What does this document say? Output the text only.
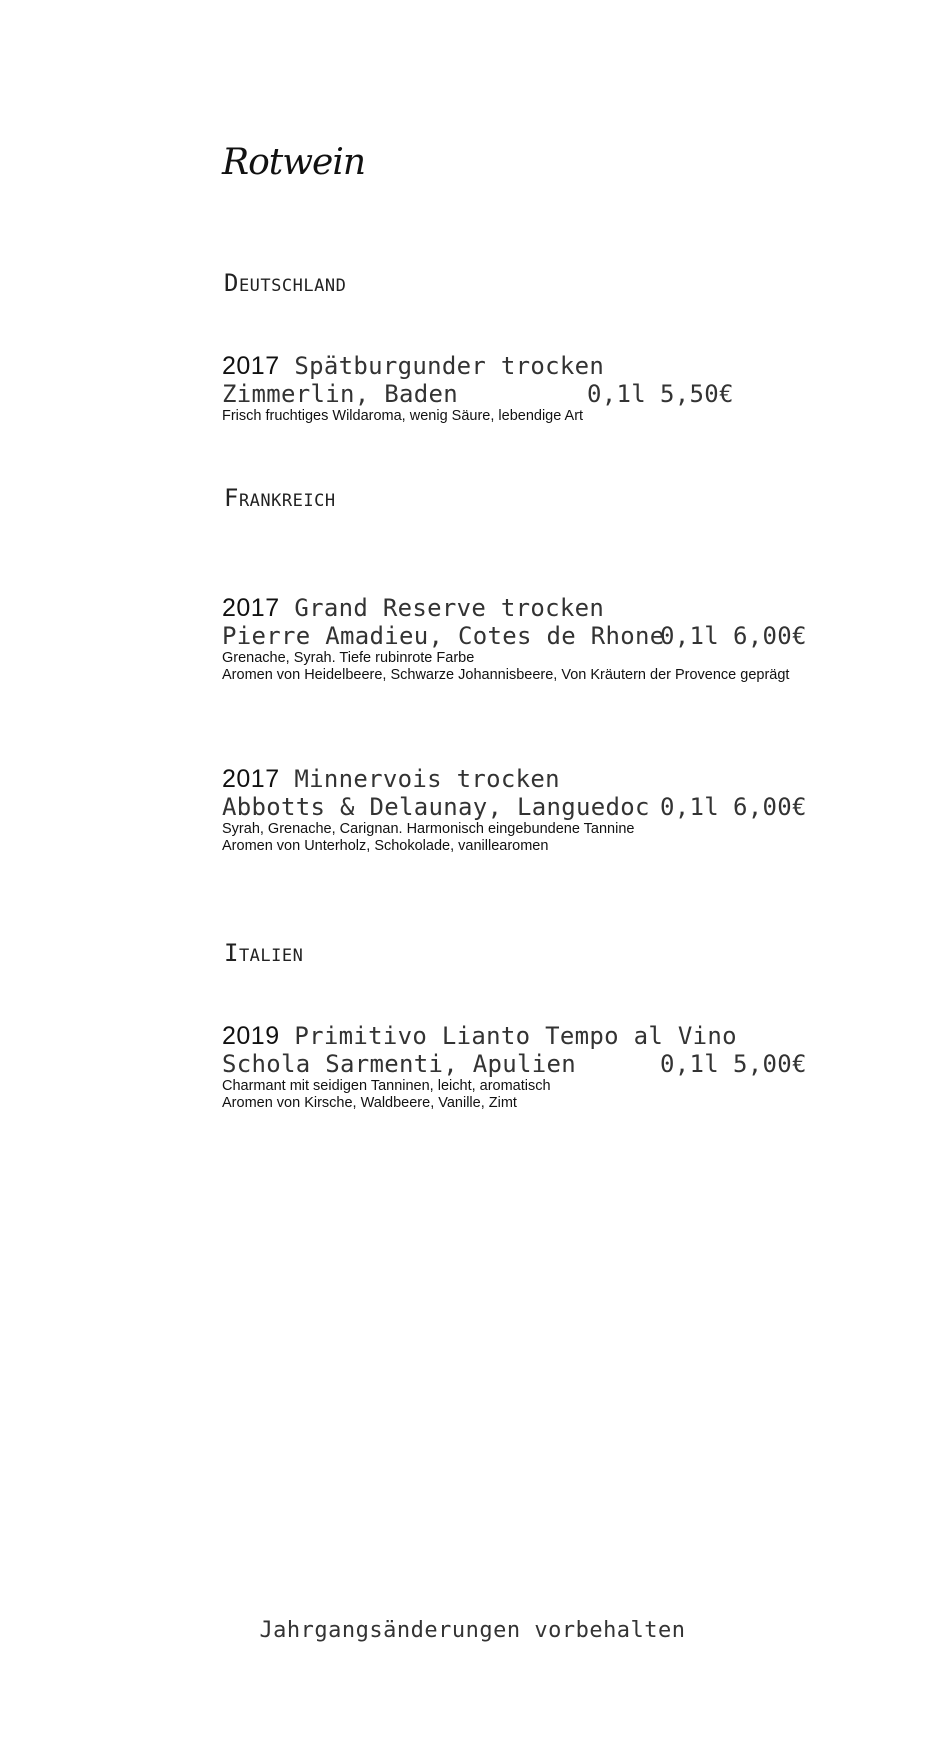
Rotwein
Deutschland
2017 Spätburgunder trocken

Zimmerlin, Baden

	0,1l

5,50€

Frisch fruchtiges Wildaroma, wenig Säure, lebendige Art
Frankreich
2017 Grand Reserve trocken

Pierre Amadieu, Cotes de Rhone

0,1l

6,00€

Grenache, Syrah. Tiefe rubinrote Farbe
Aromen von Heidelbeere, Schwarze Johannisbeere, Von Kräutern der Provence geprägt
2017 Minnervois trocken

Abbotts & Delaunay, Languedoc

0,1l

6,00€

Syrah, Grenache, Carignan. Harmonisch eingebundene Tannine
Aromen von Unterholz, Schokolade, vanillearomen
Italien
2019 Primitivo Lianto Tempo al Vino

Schola Sarmenti, Apulien

	0,1l

5,00€

Charmant mit seidigen Tanninen, leicht, aromatisch
Aromen von Kirsche, Waldbeere, Vanille, Zimt
Jahrgangsänderungen vorbehalten
